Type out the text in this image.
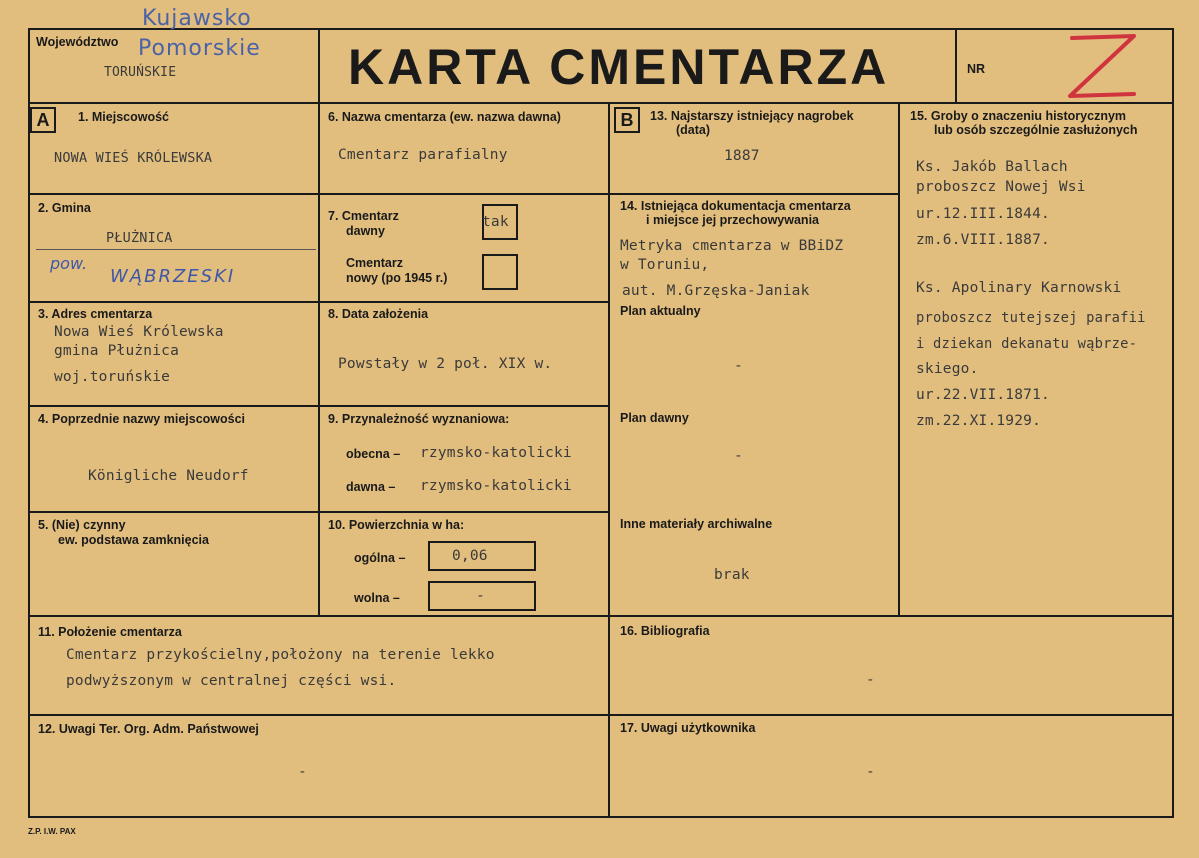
Województwo
TORUŃSKIE
Kujawsko
Pomorskie KARTA CMENTARZA	NR
A	B
1. Miejscowość
NOWA WIEŚ KRÓLEWSKA
2. Gmina
PŁUŻNICA
pow.
WĄBRZESKI
3. Adres cmentarza
Nowa Wieś Królewska
gmina Płużnica
woj.toruńskie
4. Poprzednie nazwy miejscowości
Königliche Neudorf
5. (Nie) czynny
ew. podstawa zamknięcia
6. Nazwa cmentarza (ew. nazwa dawna)
Cmentarz parafialny
7. Cmentarz
dawny
tak
Cmentarz
nowy (po 1945 r.)
8. Data założenia
Powstały w 2 poł. XIX w.
9. Przynależność wyznaniowa:
obecna – rzymsko-katolicki
dawna – rzymsko-katolicki
10. Powierzchnia w ha:
ogólna –	0,06
wolna –	-
11. Położenie cmentarza
Cmentarz przykościelny,położony na terenie lekko
podwyższonym w centralnej części wsi.
12. Uwagi Ter. Org. Adm. Państwowej
-
13. Najstarszy istniejący nagrobek
(data)
1887
14. Istniejąca dokumentacja cmentarza
i miejsce jej przechowywania
Metryka cmentarza w BBiDZ
w Toruniu,
aut. M.Grzęska-Janiak
Plan aktualny
-
Plan dawny
-
Inne materiały archiwalne
brak
15. Groby o znaczeniu historycznym
lub osób szczególnie zasłużonych
Ks. Jakób Ballach
proboszcz Nowej Wsi
ur.12.III.1844.
zm.6.VIII.1887.
Ks. Apolinary Karnowski
proboszcz tutejszej parafii
i dziekan dekanatu wąbrze-
skiego.
ur.22.VII.1871.
zm.22.XI.1929.
16. Bibliografia
-
17. Uwagi użytkownika
-
Z.P. I.W. PAX
